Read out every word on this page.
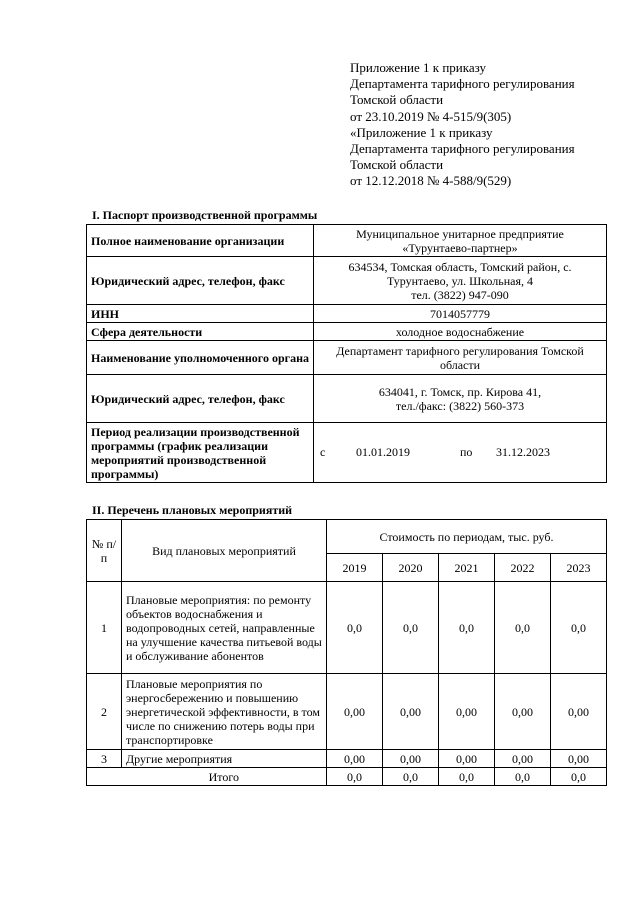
Приложение 1 к приказу
Департамента тарифного регулирования
Томской области
от 23.10.2019 № 4-515/9(305)
«Приложение 1 к приказу
Департамента тарифного регулирования
Томской области
от 12.12.2018 № 4-588/9(529)
I. Паспорт производственной программы
Полное наименование организации	Муниципальное унитарное предприятие
«Турунтаево-партнер»

Юридический адрес, телефон, факс	634534, Томская область, Томский район, с.
Турунтаево, ул. Школьная, 4
тел. (3822) 947-090

ИНН	7014057779
Сфера деятельности	холодное водоснабжение
Наименование уполномоченного органа	Департамент тарифного регулирования Томской
области

Юридический адрес, телефон, факс	634041, г. Томск, пр. Кирова 41,
тел./факс: (3822) 560-373

Период реализации производственной программы (график реализации мероприятий производственной программы)	с 01.01.2019 по 31.12.2023
II. Перечень плановых мероприятий
№ п/п	Вид плановых мероприятий	Стоимость по периодам, тыс. руб.				
		2019	2020	2021	2022	2023
1	Плановые мероприятия: по ремонту объектов водоснабжения и водопроводных сетей, направленные на улучшение качества питьевой воды и обслуживание абонентов	0,0	0,0	0,0	0,0	0,0
2	Плановые мероприятия по энергосбережению и повышению энергетической эффективности, в том числе по снижению потерь воды при транспортировке	0,00	0,00	0,00	0,00	0,00
3	Другие мероприятия	0,00	0,00	0,00	0,00	0,00
	Итого	0,0	0,0	0,0	0,0	0,0
